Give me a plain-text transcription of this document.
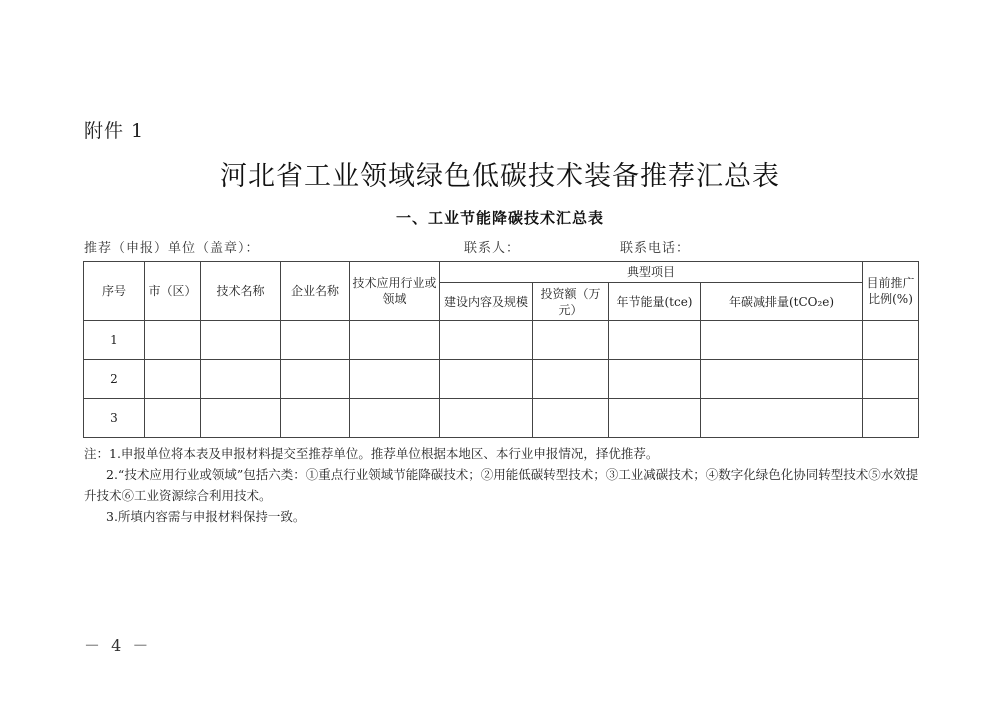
附件 1
河北省工业领域绿色低碳技术装备推荐汇总表
一、工业节能降碳技术汇总表
推荐（申报）单位（盖章）：	联系人：	联系电话：
序号	市（区）	技术名称	企业名称	技术应用行业或领域	典型项目				目前推广比例(%)
					建设内容及规模	投资额（万元）	年节能量(tce)	年碳减排量(tCO₂e)	
1									
2									
3									

注：1.申报单位将本表及申报材料提交至推荐单位。推荐单位根据本地区、本行业申报情况，择优推荐。

2.“技术应用行业或领域”包括六类：①重点行业领域节能降碳技术；②用能低碳转型技术；③工业减碳技术；④数字化绿色化协同转型技术⑤水效提

升技术⑥工业资源综合利用技术。

3.所填内容需与申报材料保持一致。

－ 4 －
